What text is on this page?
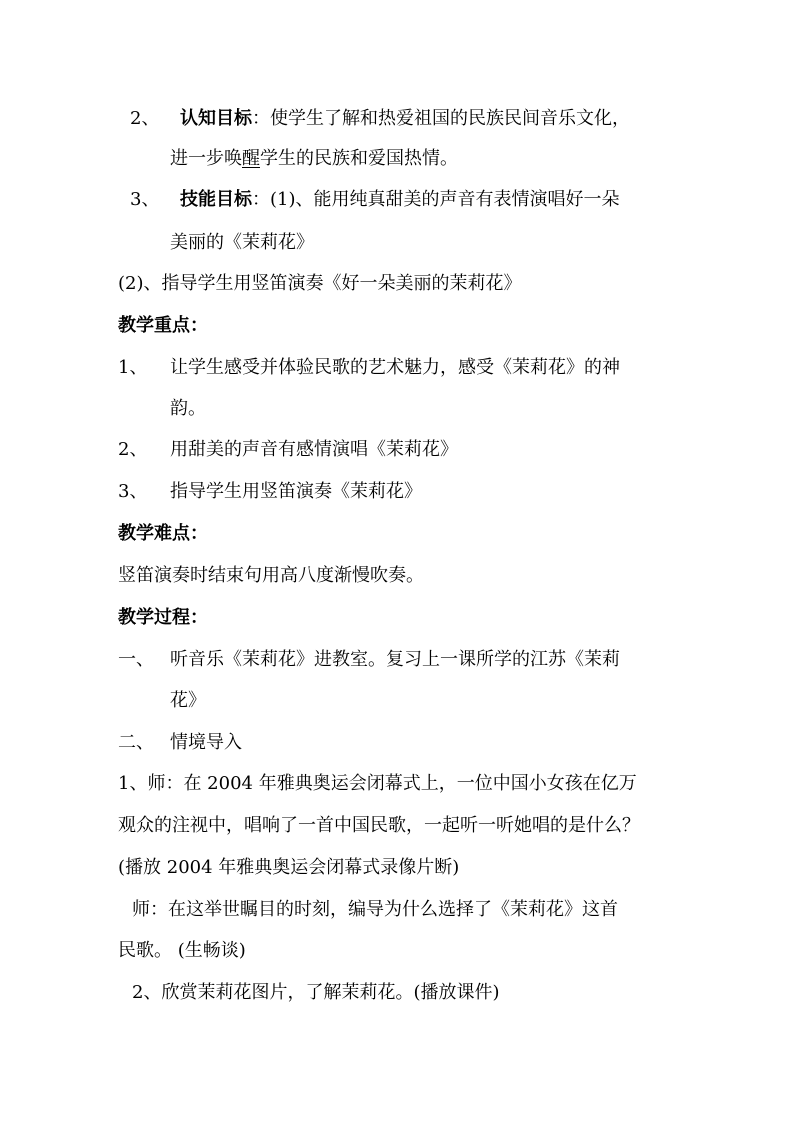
2、 认知目标：使学生了解和热爱祖国的民族民间音乐文化，
进一步唤醒学生的民族和爱国热情。
3、 技能目标：(1)、能用纯真甜美的声音有表情演唱好一朵
美丽的《茉莉花》
(2)、指导学生用竖笛演奏《好一朵美丽的茉莉花》
教学重点：
1、 让学生感受并体验民歌的艺术魅力，感受《茉莉花》的神
韵。
2、 用甜美的声音有感情演唱《茉莉花》
3、 指导学生用竖笛演奏《茉莉花》
教学难点：
竖笛演奏时结束句用高八度渐慢吹奏。
教学过程：
一、 听音乐《茉莉花》进教室。复习上一课所学的江苏《茉莉
花》
二、 情境导入
1、师：在 2004 年雅典奥运会闭幕式上，一位中国小女孩在亿万
观众的注视中，唱响了一首中国民歌，一起听一听她唱的是什么？
(播放 2004 年雅典奥运会闭幕式录像片断)
师：在这举世瞩目的时刻，编导为什么选择了《茉莉花》这首
民歌。 (生畅谈)
2、欣赏茉莉花图片，了解茉莉花。(播放课件)
